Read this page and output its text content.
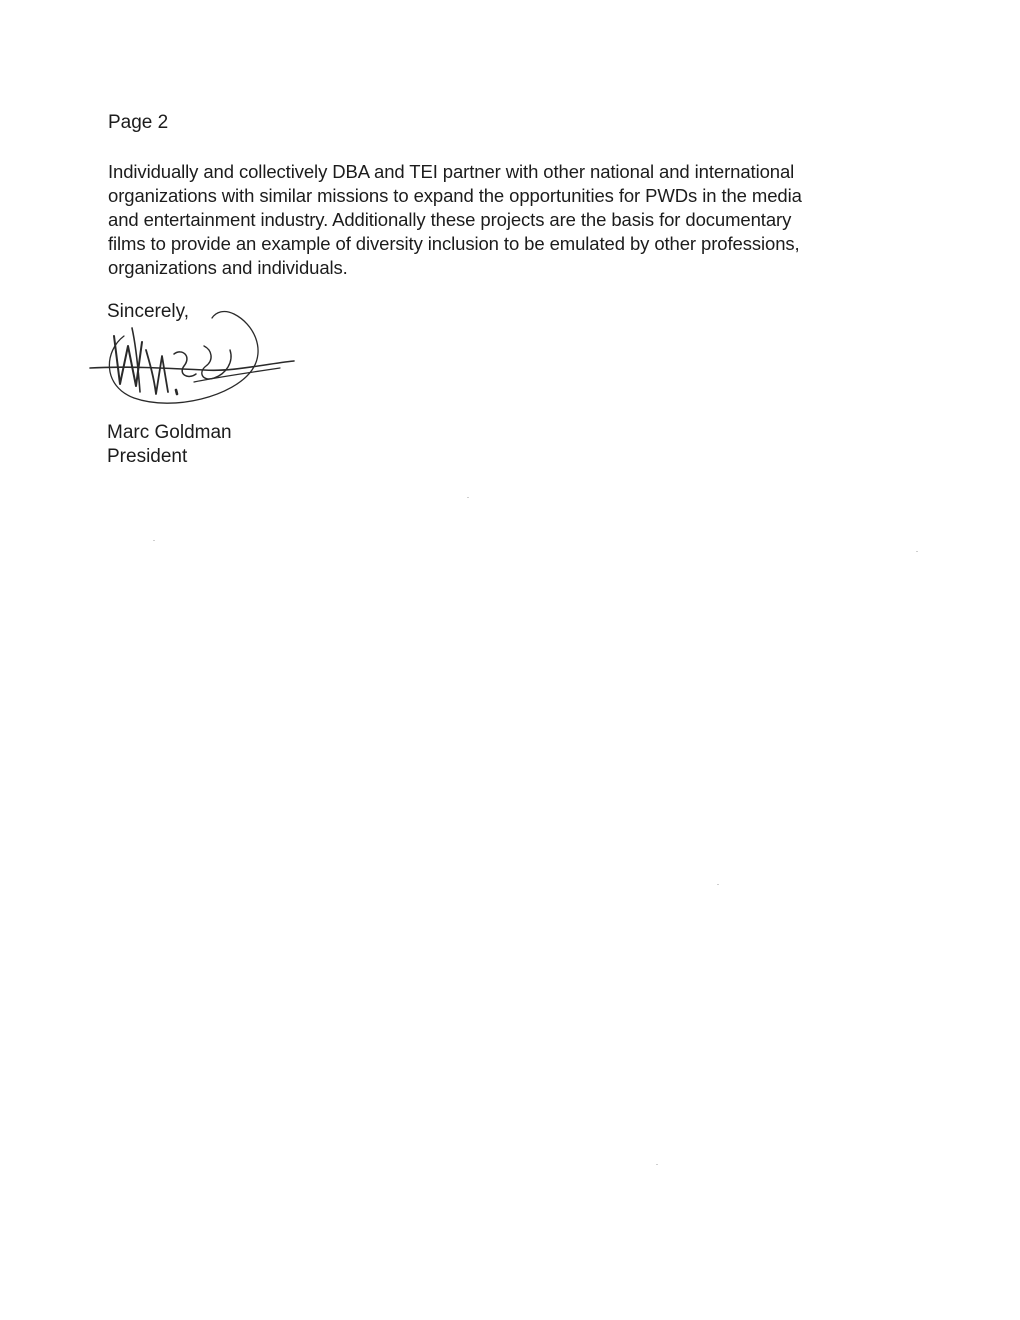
Page 2

Individually and collectively DBA and TEI partner with other national and international
organizations with similar missions to expand the opportunities for PWDs in the media
and entertainment industry. Additionally these projects are the basis for documentary
films to provide an example of diversity inclusion to be emulated by other professions,
organizations and individuals.

Sincerely,

Marc Goldman

President
